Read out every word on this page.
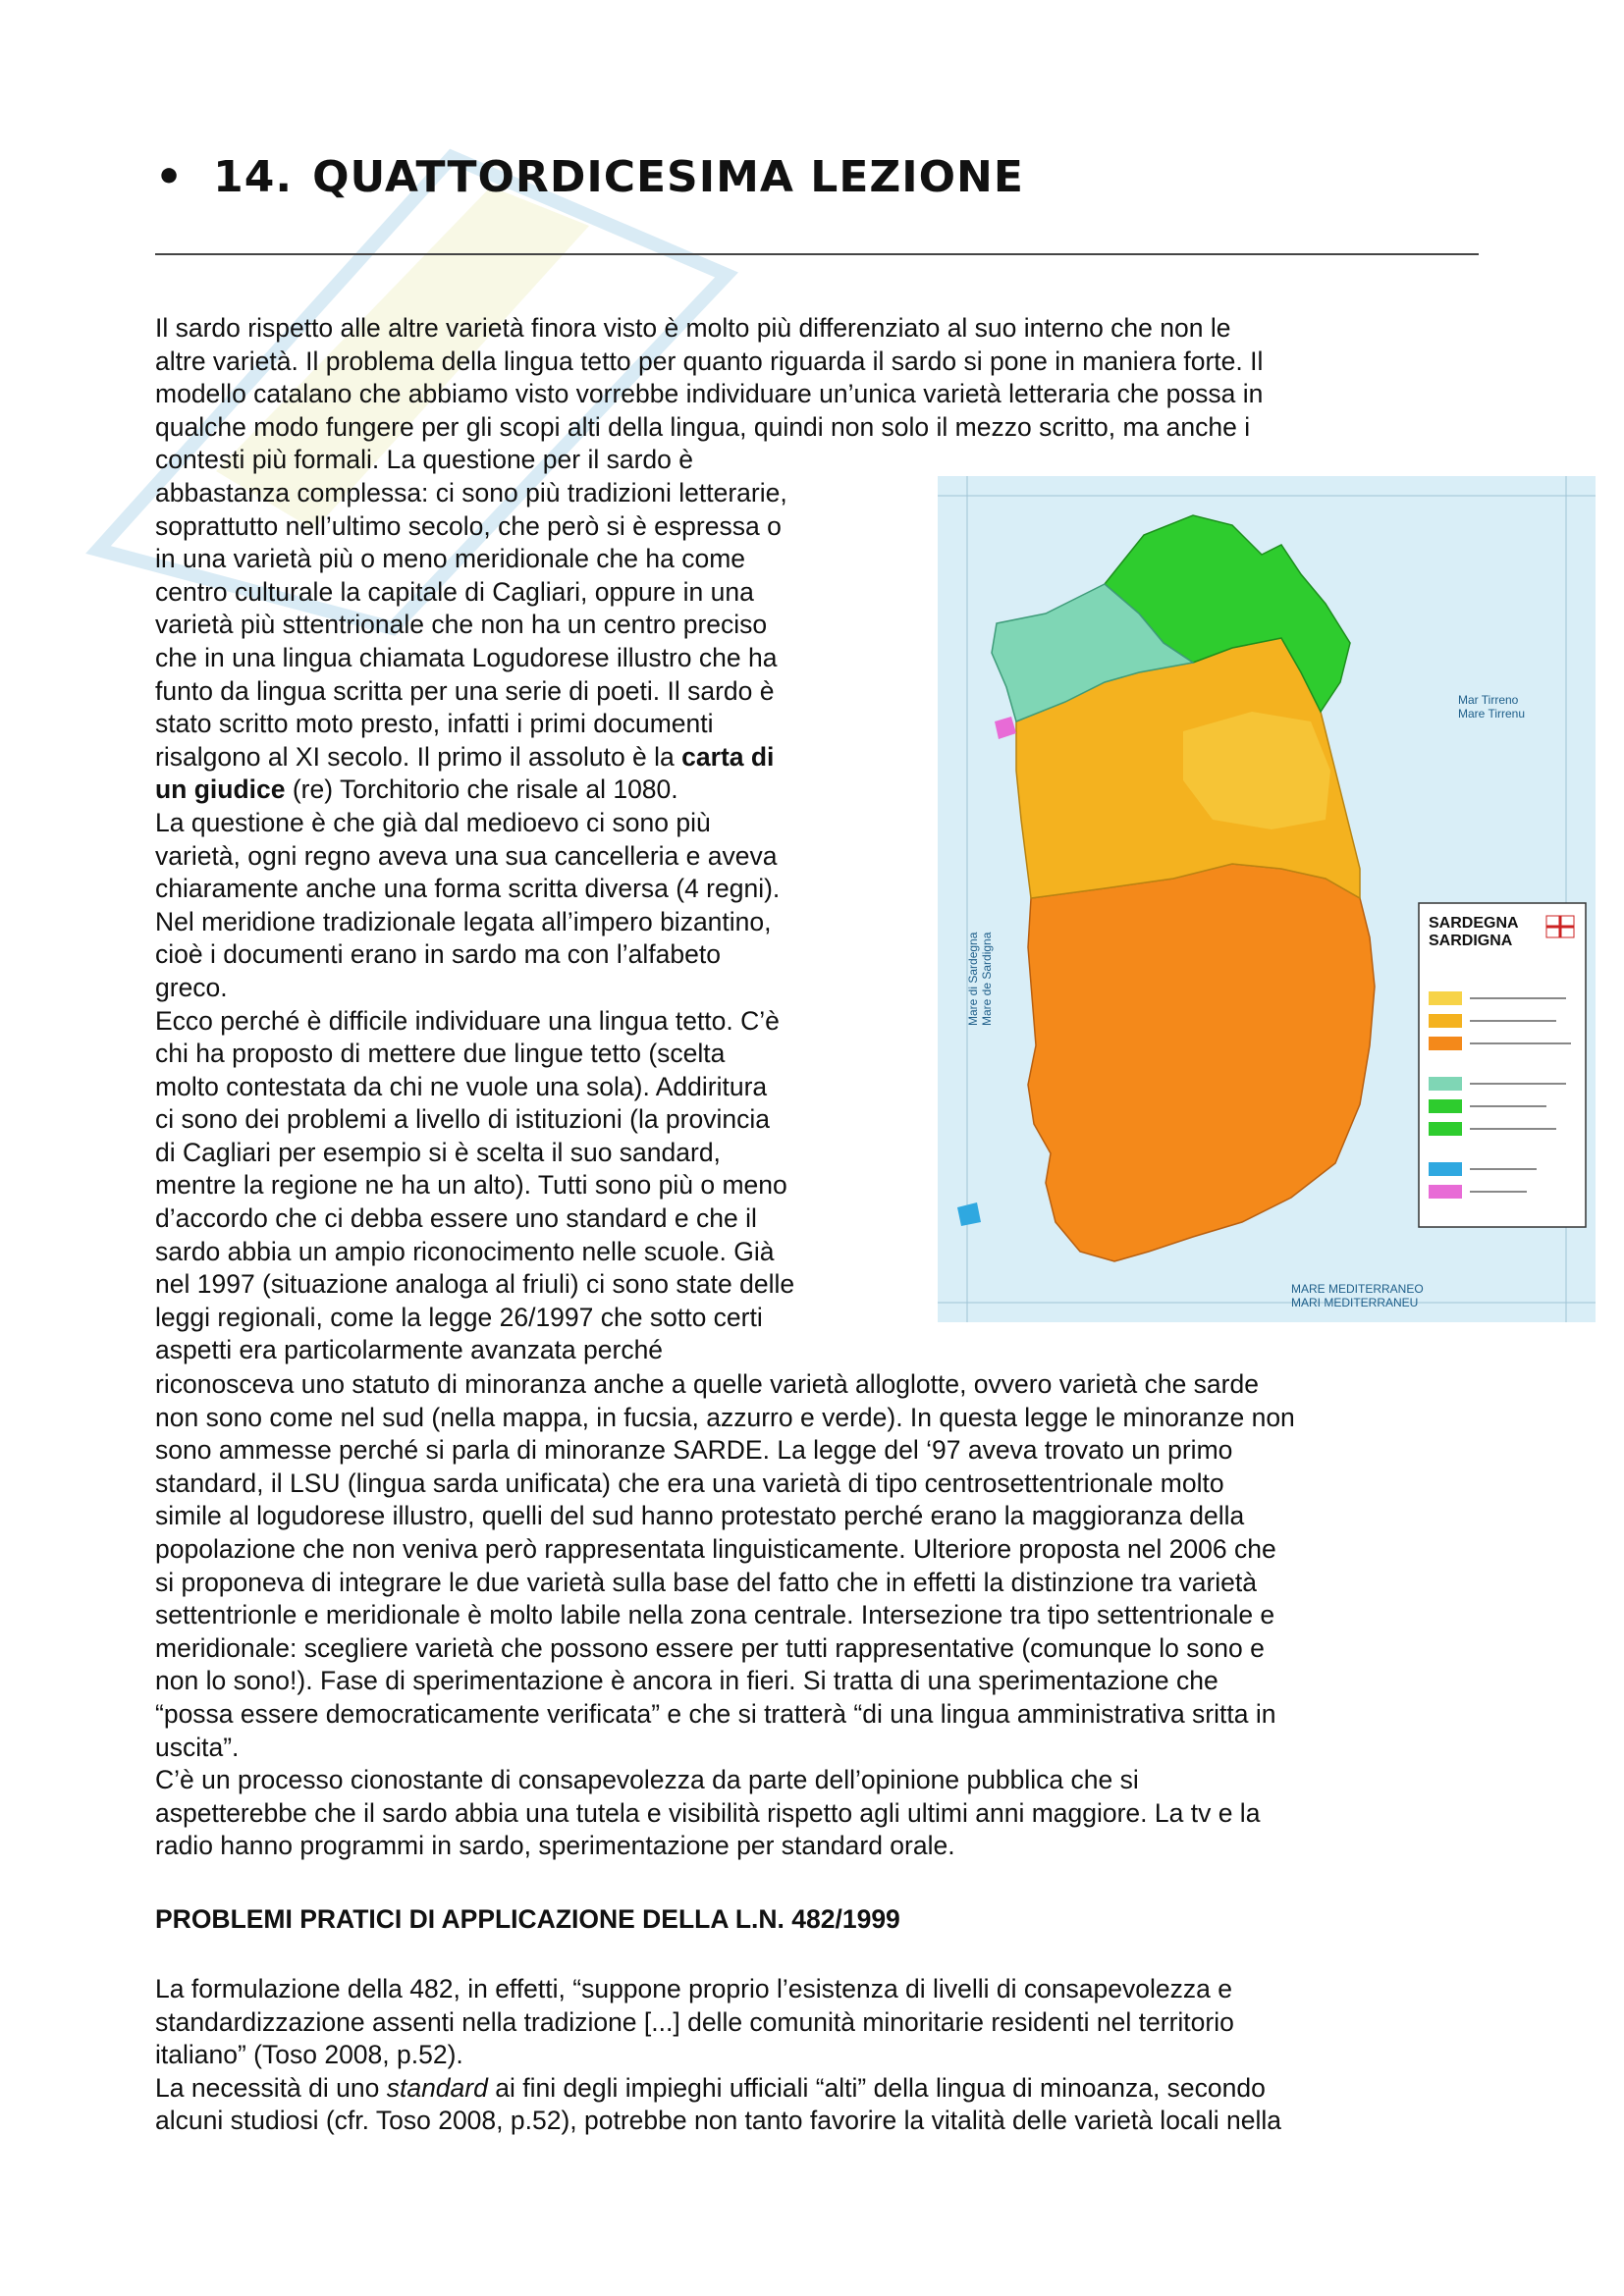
• 14. QUATTORDICESIMA LEZIONE

Il sardo rispetto alle altre varietà finora visto è molto più differenziato al suo interno che non le

altre varietà. Il problema della lingua tetto per quanto riguarda il sardo si pone in maniera forte. Il

modello catalano che abbiamo visto vorrebbe individuare un’unica varietà letteraria che possa in

qualche modo fungere per gli scopi alti della lingua, quindi non solo il mezzo scritto, ma anche i

contesti più formali. La questione per il sardo è

abbastanza complessa: ci sono più tradizioni letterarie,

soprattutto nell’ultimo secolo, che però si è espressa o

in una varietà più o meno meridionale che ha come

centro culturale la capitale di Cagliari, oppure in una

varietà più sttentrionale che non ha un centro preciso

che in una lingua chiamata Logudorese illustro che ha

funto da lingua scritta per una serie di poeti. Il sardo è

stato scritto moto presto, infatti i primi documenti

risalgono al XI secolo. Il primo il assoluto è la carta di

un giudice (re) Torchitorio che risale al 1080.

La questione è che già dal medioevo ci sono più

varietà, ogni regno aveva una sua cancelleria e aveva

chiaramente anche una forma scritta diversa (4 regni).

Nel meridione tradizionale legata all’impero bizantino,

cioè i documenti erano in sardo ma con l’alfabeto

greco.

Ecco perché è difficile individuare una lingua tetto. C’è

chi ha proposto di mettere due lingue tetto (scelta

molto contestata da chi ne vuole una sola). Addiritura

ci sono dei problemi a livello di istituzioni (la provincia

di Cagliari per esempio si è scelta il suo sandard,

mentre la regione ne ha un alto). Tutti sono più o meno

d’accordo che ci debba essere uno standard e che il

sardo abbia un ampio riconocimento nelle scuole. Già

nel 1997 (situazione analoga al friuli) ci sono state delle

leggi regionali, come la legge 26/1997 che sotto certi

aspetti era particolarmente avanzata perché

riconosceva uno statuto di minoranza anche a quelle varietà alloglotte, ovvero varietà che sarde

non sono come nel sud (nella mappa, in fucsia, azzurro e verde). In questa legge le minoranze non

sono ammesse perché si parla di minoranze SARDE. La legge del ‘97 aveva trovato un primo

standard, il LSU (lingua sarda unificata) che era una varietà di tipo centrosettentrionale molto

simile al logudorese illustro, quelli del sud hanno protestato perché erano la maggioranza della

popolazione che non veniva però rappresentata linguisticamente. Ulteriore proposta nel 2006 che

si proponeva di integrare le due varietà sulla base del fatto che in effetti la distinzione tra varietà

settentrionle e meridionale è molto labile nella zona centrale. Intersezione tra tipo settentrionale e

meridionale: scegliere varietà che possono essere per tutti rappresentative (comunque lo sono e

non lo sono!). Fase di sperimentazione è ancora in fieri. Si tratta di una sperimentazione che

“possa essere democraticamente verificata” e che si tratterà “di una lingua amministrativa sritta in

uscita”.

C’è un processo cionostante di consapevolezza da parte dell’opinione pubblica che si

aspetterebbe che il sardo abbia una tutela e visibilità rispetto agli ultimi anni maggiore. La tv e la

radio hanno programmi in sardo, sperimentazione per standard orale.

PROBLEMI PRATICI DI APPLICAZIONE DELLA L.N. 482/1999

La formulazione della 482, in effetti, “suppone proprio l’esistenza di livelli di consapevolezza e

standardizzazione assenti nella tradizione [...] delle comunità minoritarie residenti nel territorio

italiano” (Toso 2008, p.52).

La necessità di uno standard ai fini degli impieghi ufficiali “alti” della lingua di minoanza, secondo

alcuni studiosi (cfr. Toso 2008, p.52), potrebbe non tanto favorire la vitalità delle varietà locali nella

Mar Tirreno
Mare Tirrenu
Mare di Sardegna Mare de Sardigna
MARE MEDITERRANEO
MARI MEDITERRANEU
SARDEGNA
SARDIGNA
